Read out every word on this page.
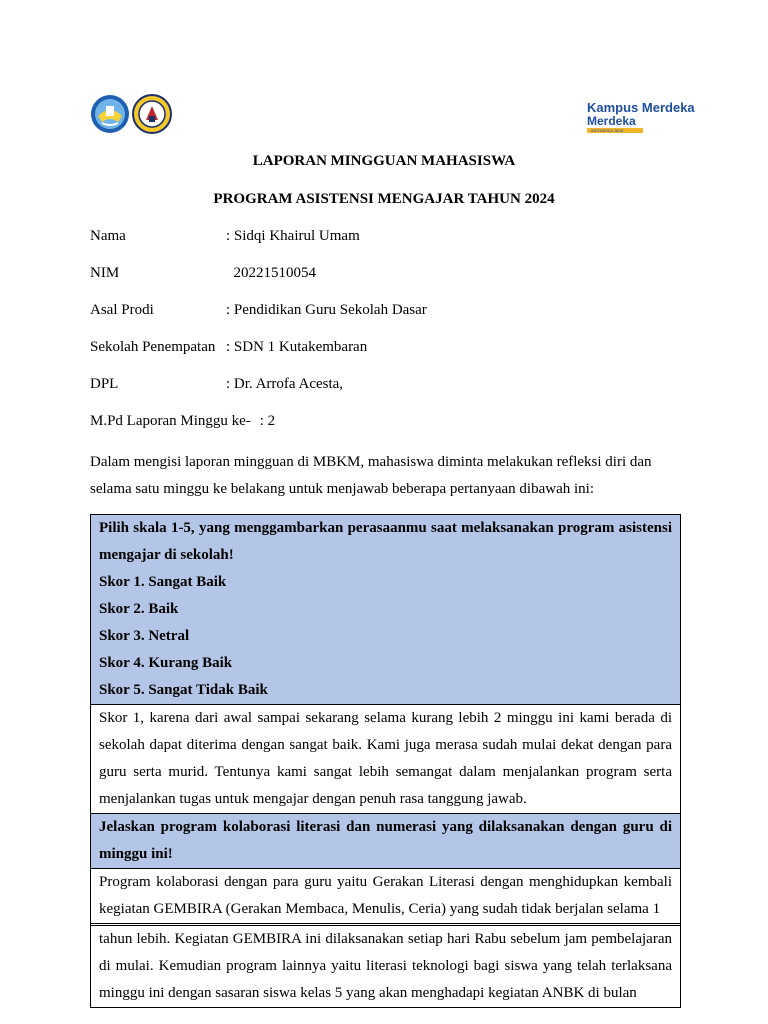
Kampus Merdeka
Merdeka
INDONESIA JAYA
LAPORAN MINGGUAN MAHASISWA
PROGRAM ASISTENSI MENGAJAR TAHUN 2024
Nama	: Sidqi Khairul Umam
NIM	20221510054
Asal Prodi	: Pendidikan Guru Sekolah Dasar
Sekolah Penempatan : SDN 1 Kutakembaran
DPL	: Dr. Arrofa Acesta,
M.Pd Laporan Minggu ke- : 2
Dalam mengisi laporan mingguan di MBKM, mahasiswa diminta melakukan refleksi diri dan selama satu minggu ke belakang untuk menjawab beberapa pertanyaan dibawah ini:
Pilih skala 1-5, yang menggambarkan perasaanmu saat melaksanakan program asistensi mengajar di sekolah!
Skor 1. Sangat Baik
Skor 2. Baik
Skor 3. Netral
Skor 4. Kurang Baik
Skor 5. Sangat Tidak Baik

Skor 1, karena dari awal sampai sekarang selama kurang lebih 2 minggu ini kami berada di sekolah dapat diterima dengan sangat baik. Kami juga merasa sudah mulai dekat dengan para guru serta murid. Tentunya kami sangat lebih semangat dalam menjalankan program serta menjalankan tugas untuk mengajar dengan penuh rasa tanggung jawab.

Jelaskan program kolaborasi literasi dan numerasi yang dilaksanakan dengan guru di minggu ini!

Program kolaborasi dengan para guru yaitu Gerakan Literasi dengan menghidupkan kembali kegiatan GEMBIRA (Gerakan Membaca, Menulis, Ceria) yang sudah tidak berjalan selama 1

tahun lebih. Kegiatan GEMBIRA ini dilaksanakan setiap hari Rabu sebelum jam pembelajaran di mulai. Kemudian program lainnya yaitu literasi teknologi bagi siswa yang telah terlaksana minggu ini dengan sasaran siswa kelas 5 yang akan menghadapi kegiatan ANBK di bulan
